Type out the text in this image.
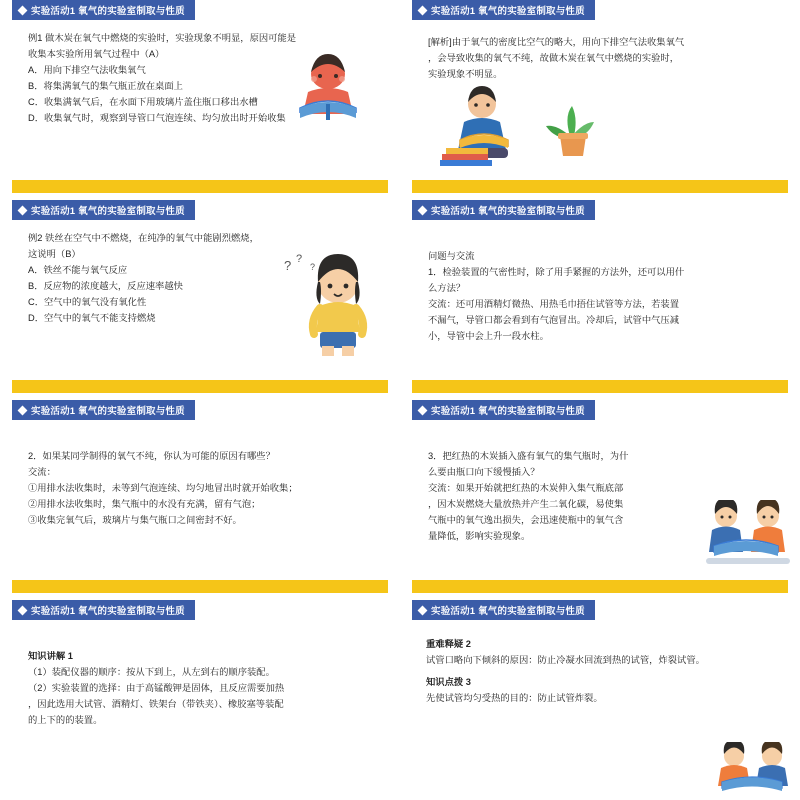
实验活动1 氧气的实验室制取与性质

例1 做木炭在氧气中燃烧的实验时，实验现象不明显，原因可能是

收集本实验所用氧气过程中（A）

A．用向下排空气法收集氧气

B．将集满氧气的集气瓶正放在桌面上

C．收集满氧气后，在水面下用玻璃片盖住瓶口移出水槽

D．收集氧气时，观察到导管口气泡连续、均匀放出时开始收集

实验活动1 氧气的实验室制取与性质

[解析]由于氧气的密度比空气的略大，用向下排空气法收集氧气

，会导致收集的氧气不纯，故做木炭在氧气中燃烧的实验时，

实验现象不明显。

实验活动1 氧气的实验室制取与性质

例2 铁丝在空气中不燃烧，在纯净的氧气中能剧烈燃烧，

这说明（B）

A．铁丝不能与氧气反应

B．反应物的浓度越大，反应速率越快

C．空气中的氧气没有氧化性

D．空气中的氧气不能支持燃烧

? ?
?
实验活动1 氧气的实验室制取与性质

问题与交流

1．检验装置的气密性时，除了用手紧握的方法外，还可以用什

么方法？

交流：还可用酒精灯微热、用热毛巾捂住试管等方法，若装置

不漏气，导管口都会看到有气泡冒出。冷却后，试管中气压减

小，导管中会上升一段水柱。

实验活动1 氧气的实验室制取与性质

2．如果某同学制得的氧气不纯，你认为可能的原因有哪些？

交流：

①用排水法收集时，未等到气泡连续、均匀地冒出时就开始收集；

②用排水法收集时，集气瓶中的水没有充满，留有气泡；

③收集完氧气后，玻璃片与集气瓶口之间密封不好。

实验活动1 氧气的实验室制取与性质

3．把红热的木炭插入盛有氧气的集气瓶时，为什

么要由瓶口向下缓慢插入？

交流：如果开始就把红热的木炭伸入集气瓶底部

，因木炭燃烧大量放热并产生二氧化碳，易使集

气瓶中的氧气逸出损失，会迅速使瓶中的氧气含

量降低，影响实验现象。

实验活动1 氧气的实验室制取与性质

知识讲解 1

（1）装配仪器的顺序：按从下到上，从左到右的顺序装配。

（2）实验装置的选择：由于高锰酸钾是固体，且反应需要加热

，因此选用大试管、酒精灯、铁架台（带铁夹）、橡胶塞等装配

的上下的的装置。

实验活动1 氧气的实验室制取与性质

重难释疑 2

试管口略向下倾斜的原因：防止冷凝水回流到热的试管，炸裂试管。

知识点拨 3

先使试管均匀受热的目的：防止试管炸裂。
